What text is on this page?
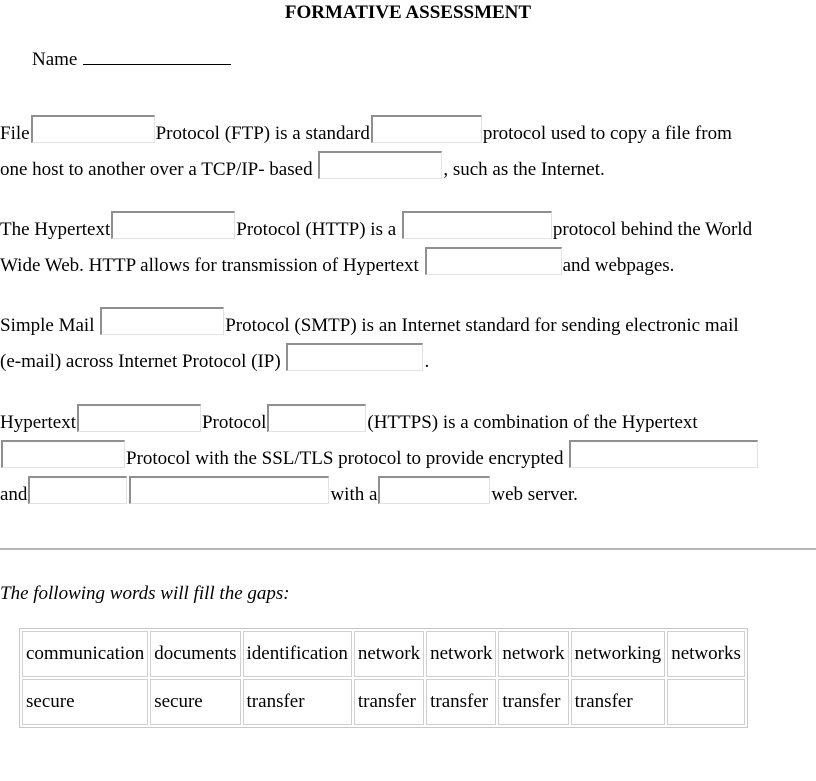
FORMATIVE ASSESSMENT
Name
File	Protocol (FTP) is a standard	protocol used to copy a file from
one host to another over a TCP/IP- based	, such as the Internet.
The Hypertext	Protocol (HTTP) is a	protocol behind the World
Wide Web. HTTP allows for transmission of Hypertext	and webpages.
Simple Mail	Protocol (SMTP) is an Internet standard for sending electronic mail
(e-mail) across Internet Protocol (IP)	.
Hypertext	Protocol	(HTTPS) is a combination of the Hypertext
Protocol with the SSL/TLS protocol to provide encrypted
and	with a	web server.
The following words will fill the gaps:
communication	documents	identification	network	network	network	networking	networks
secure	secure	transfer	transfer	transfer	transfer	transfer	
